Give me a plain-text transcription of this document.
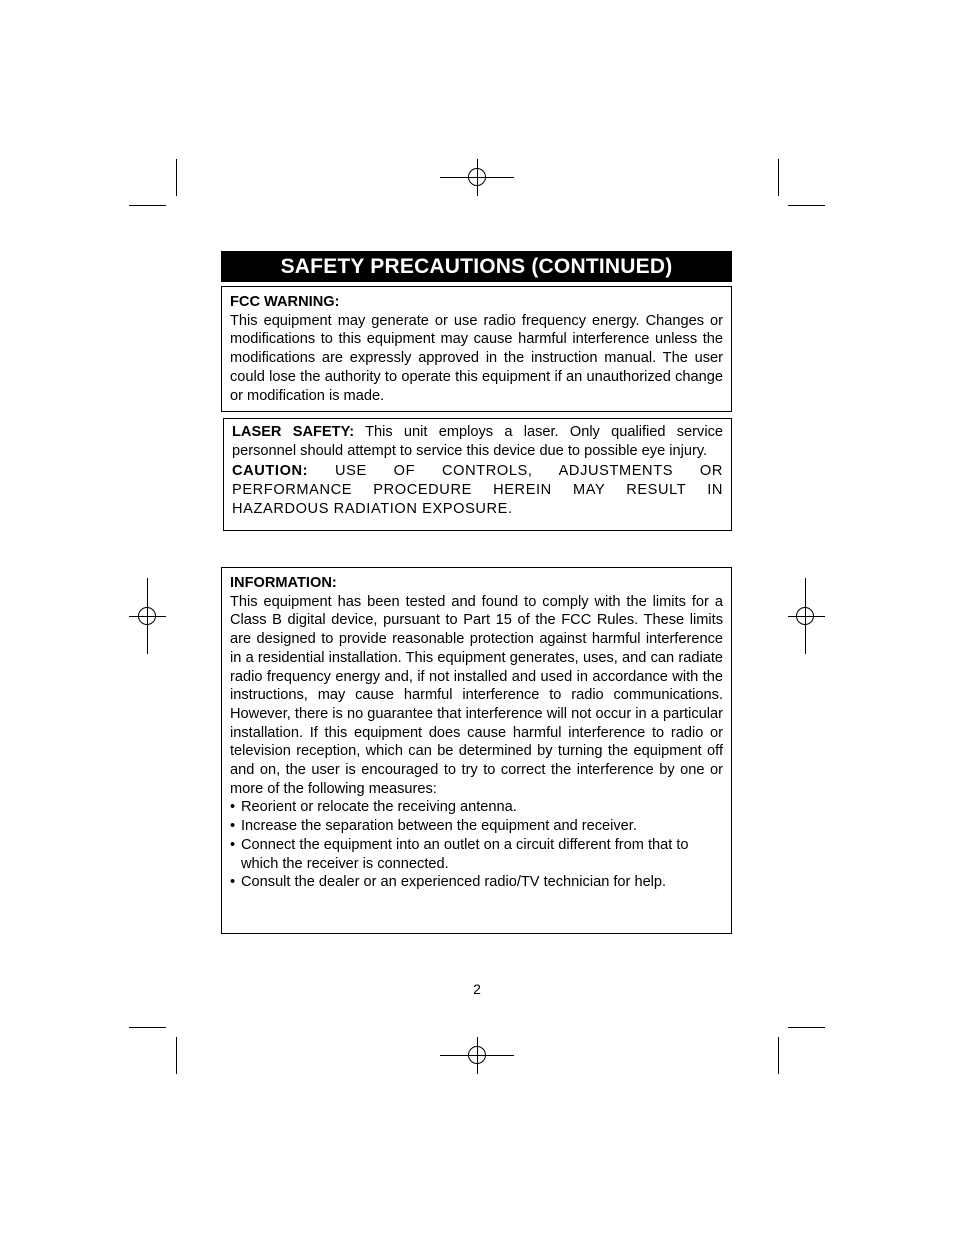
SAFETY PRECAUTIONS (CONTINUED)
FCC WARNING:

This equipment may generate or use radio frequency energy. Changes or modifications to this equipment may cause harmful interference unless the modifications are expressly approved in the instruction manual. The user could lose the authority to operate this equipment if an unauthorized change or modification is made.

LASER SAFETY: This unit employs a laser. Only qualified service personnel should attempt to service this device due to possible eye injury.

CAUTION: USE OF CONTROLS, ADJUSTMENTS OR PERFORMANCE PROCEDURE HEREIN MAY RESULT IN HAZARDOUS RADIATION EXPOSURE.

INFORMATION:

This equipment has been tested and found to comply with the limits for a Class B digital device, pursuant to Part 15 of the FCC Rules. These limits are designed to provide reasonable protection against harmful interference in a residential installation. This equipment generates, uses, and can radiate radio frequency energy and, if not installed and used in accordance with the instructions, may cause harmful interference to radio communications. However, there is no guarantee that interference will not occur in a particular installation. If this equipment does cause harmful interference to radio or television reception, which can be determined by turning the equipment off and on, the user is encouraged to try to correct the interference by one or more of the following measures:

• Reorient or relocate the receiving antenna.
• Increase the separation between the equipment and receiver.
• Connect the equipment into an outlet on a circuit different from that to which the receiver is connected.
• Consult the dealer or an experienced radio/TV technician for help.
2
